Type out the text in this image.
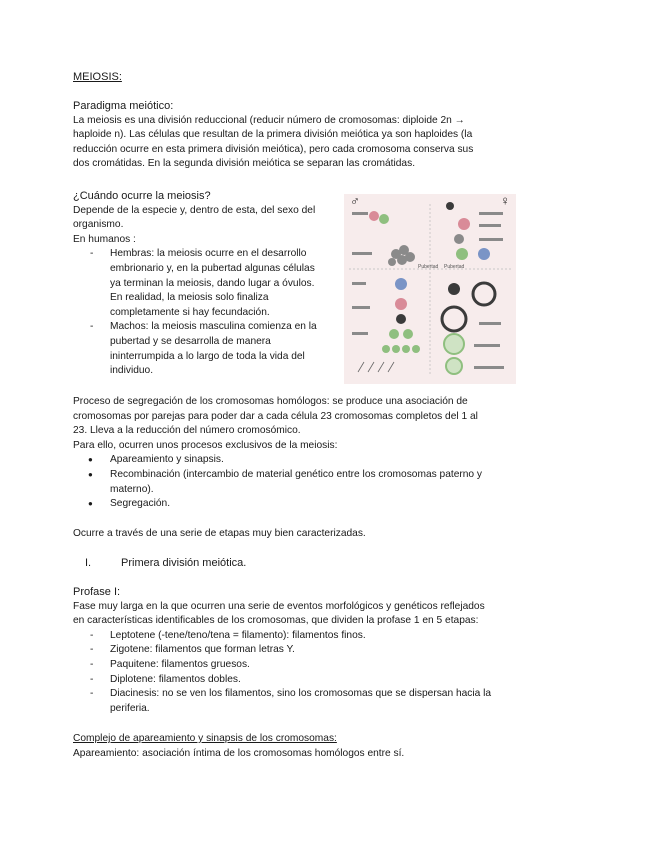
MEIOSIS:

Paradigma meiótico:

La meiosis es una división reduccional (reducir número de cromosomas: diploide 2n →

haploide n). Las células que resultan de la primera división meiótica ya son haploides (la

reducción ocurre en esta primera división meiótica), pero cada cromosoma conserva sus

dos cromátidas. En la segunda división meiótica se separan las cromátidas.

¿Cuándo ocurre la meiosis?

Depende de la especie y, dentro de esta, del sexo del

organismo.

En humanos :

- Hembras: la meiosis ocurre en el desarrollo

embrionario y, en la pubertad algunas células

ya terminan la meiosis, dando lugar a óvulos.

En realidad, la meiosis solo finaliza

completamente si hay fecundación.

- Machos: la meiosis masculina comienza en la

pubertad y se desarrolla de manera

ininterrumpida a lo largo de toda la vida del

individuo.

♂	♀
Pubertad Pubertad

Proceso de segregación de los cromosomas homólogos: se produce una asociación de

cromosomas por parejas para poder dar a cada célula 23 cromosomas completos del 1 al

23. Lleva a la reducción del número cromosómico.

Para ello, ocurren unos procesos exclusivos de la meiosis:

● Apareamiento y sinapsis.

● Recombinación (intercambio de material genético entre los cromosomas paterno y

materno).

● Segregación.

Ocurre a través de una serie de etapas muy bien caracterizadas.

I.	Primera división meiótica.

Profase I:

Fase muy larga en la que ocurren una serie de eventos morfológicos y genéticos reflejados

en características identificables de los cromosomas, que dividen la profase 1 en 5 etapas:

- Leptotene (-tene/teno/tena = filamento): filamentos finos.

- Zigotene: filamentos que forman letras Y.

- Paquitene: filamentos gruesos.

- Diplotene: filamentos dobles.

- Diacinesis: no se ven los filamentos, sino los cromosomas que se dispersan hacia la

periferia.

Complejo de apareamiento y sinapsis de los cromosomas:

Apareamiento: asociación íntima de los cromosomas homólogos entre sí.
